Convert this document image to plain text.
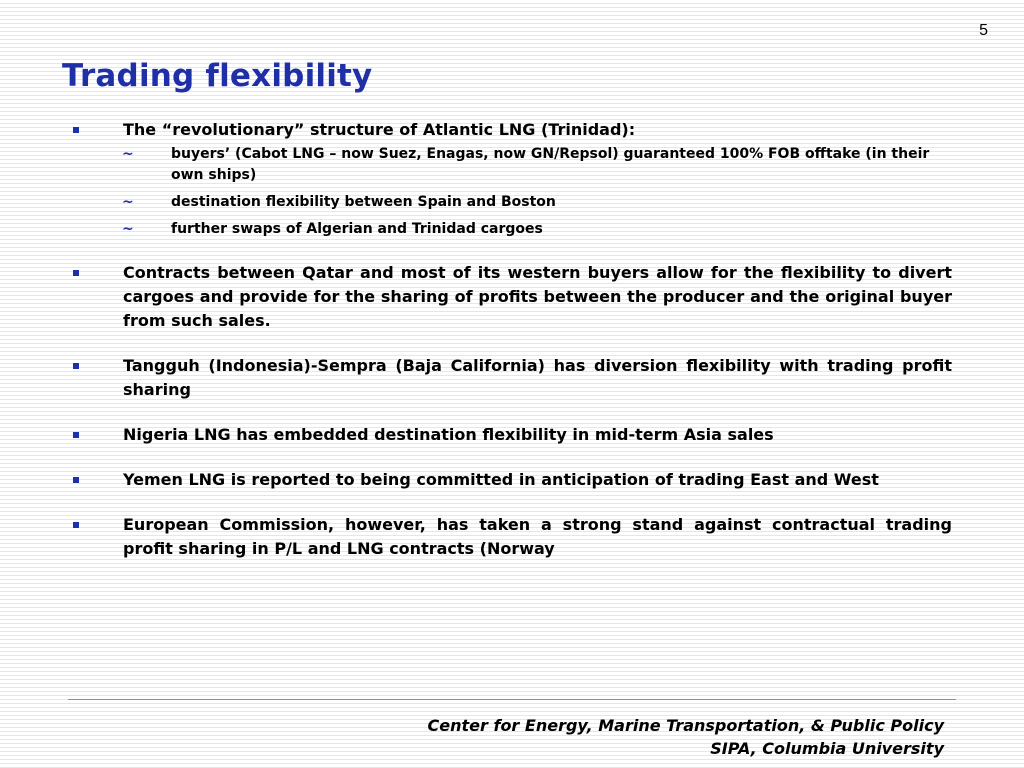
5
Trading flexibility
The “revolutionary” structure of Atlantic LNG (Trinidad):
~	buyers’ (Cabot LNG – now Suez, Enagas, now GN/Repsol) guaranteed 100% FOB offtake (in their own ships)
~	destination flexibility between Spain and Boston
~	further swaps of Algerian and Trinidad cargoes
Contracts between Qatar and most of its western buyers allow for the flexibility to divert cargoes and provide for the sharing of profits between the producer and the original buyer from such sales.
Tangguh (Indonesia)-Sempra (Baja California) has diversion flexibility with trading profit sharing
Nigeria LNG has embedded destination flexibility in mid-term Asia sales
Yemen LNG is reported to being committed in anticipation of trading East and West
European Commission, however, has taken a strong stand against contractual trading profit sharing in P/L and LNG contracts (Norway
Center for Energy, Marine Transportation, & Public Policy
SIPA, Columbia University
